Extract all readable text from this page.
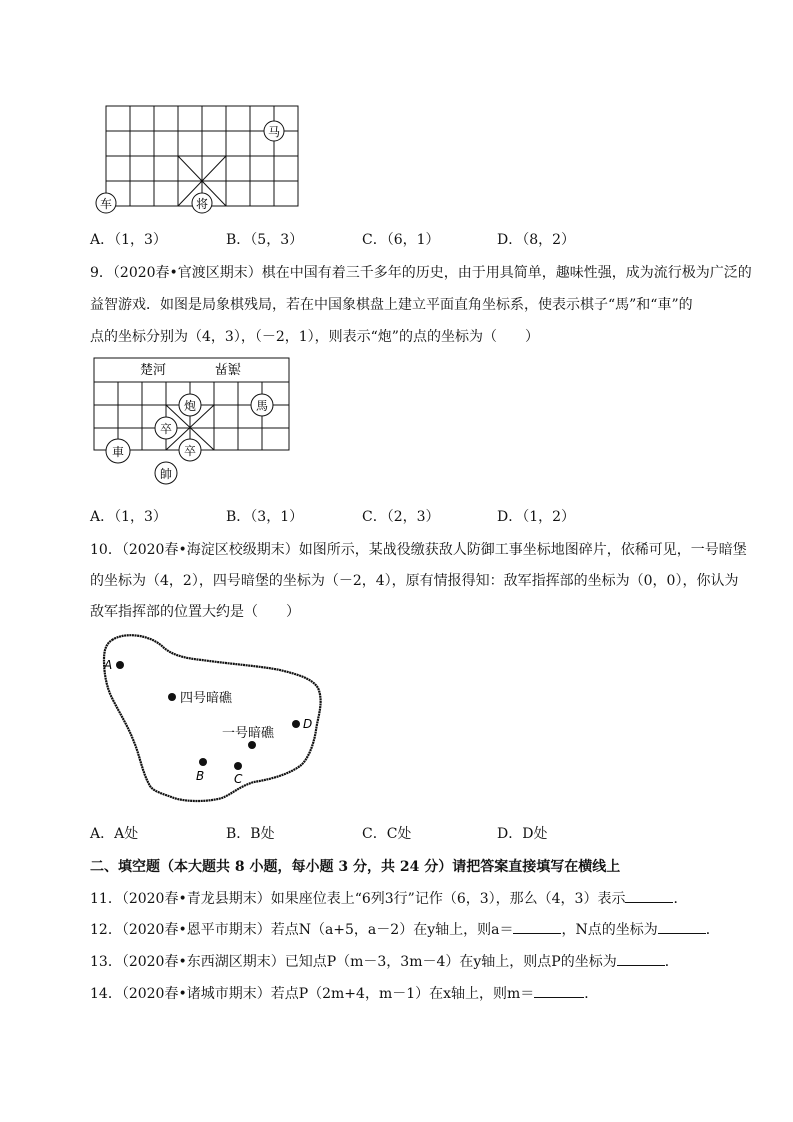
马
车	将
A．（1，3）	B．（5，3）	C．（6，1）	D．（8，2）
9．（2020春•官渡区期末）棋在中国有着三千多年的历史，由于用具简单，趣味性强，成为流行极为广泛的
益智游戏．如图是局象棋残局，若在中国象棋盘上建立平面直角坐标系，使表示棋子“馬”和“車”的
点的坐标分别为（4，3），（－2，1），则表示“炮”的点的坐标为（　　）
楚河	漢界
炮	馬
卒
卒
車
帥
A．（1，3）	B．（3，1）	C．（2，3）	D．（1，2）
10．（2020春•海淀区校级期末）如图所示，某战役缴获敌人防御工事坐标地图碎片，依稀可见，一号暗堡
的坐标为（4，2），四号暗堡的坐标为（－2，4），原有情报得知：敌军指挥部的坐标为（0，0），你认为
敌军指挥部的位置大约是（　　）
A
四号暗礁
D
一号暗礁
B C
A．A处	B．B处	C．C处	D．D处
二、填空题（本大题共 8 小题，每小题 3 分，共 24 分）请把答案直接填写在横线上
11．（2020春•青龙县期末）如果座位表上“6列3行”记作（6，3），那么（4，3）表示	．
12．（2020春•恩平市期末）若点N（a+5，a－2）在y轴上，则a＝	，N点的坐标为	．
13．（2020春•东西湖区期末）已知点P（m－3，3m－4）在y轴上，则点P的坐标为	．
14．（2020春•诸城市期末）若点P（2m+4，m－1）在x轴上，则m＝	．
